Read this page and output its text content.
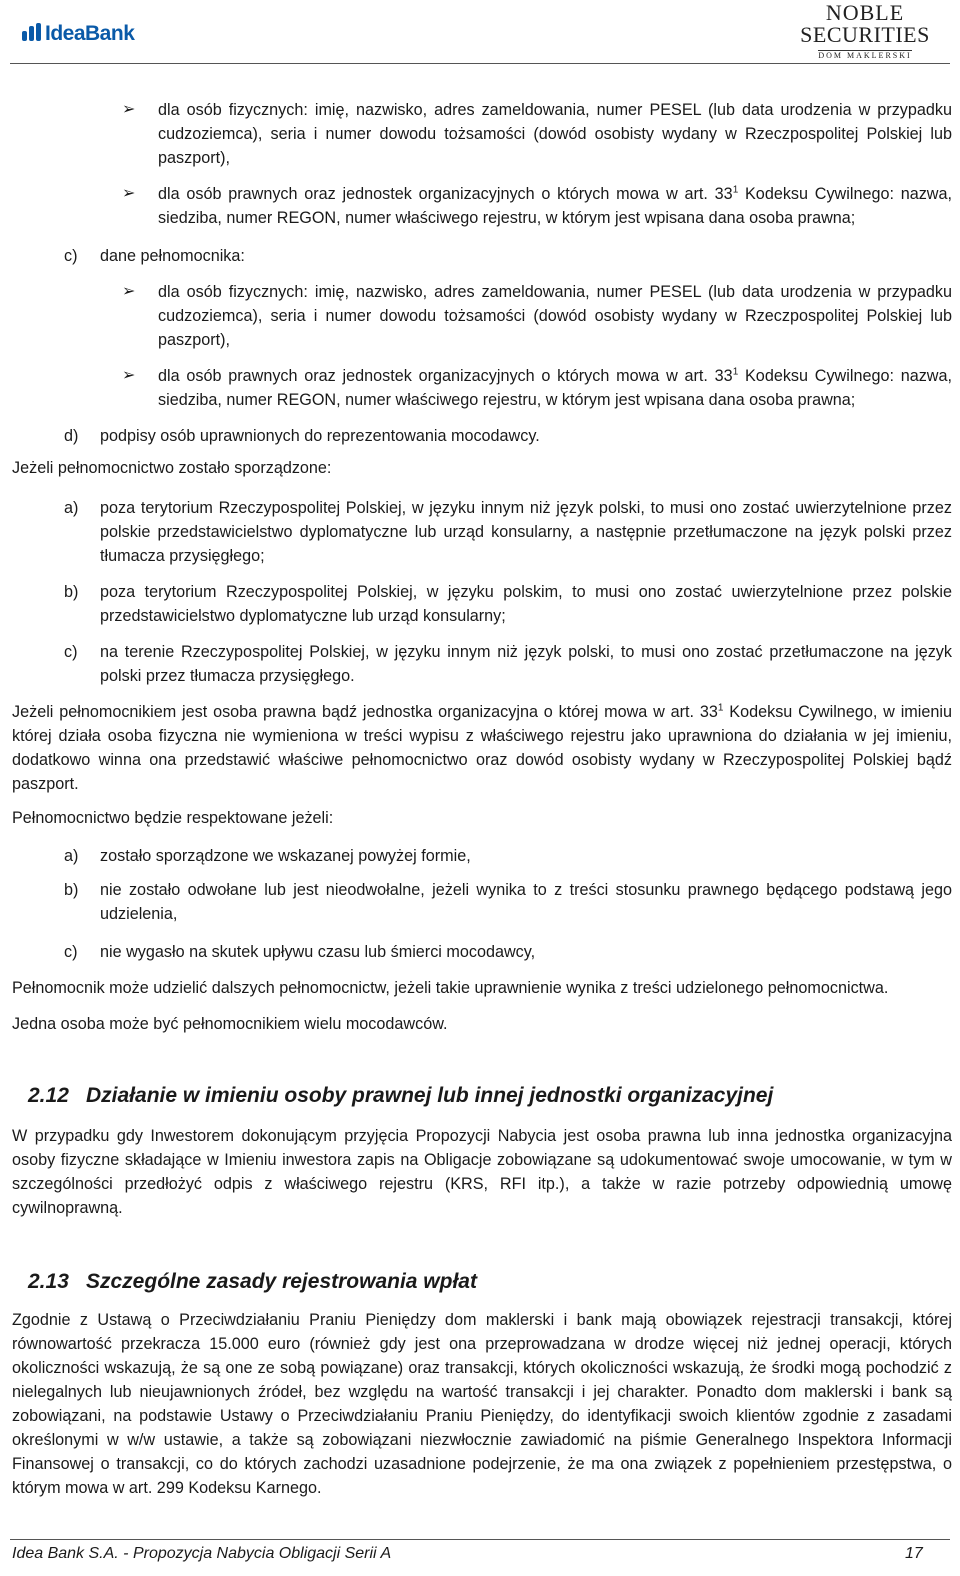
IdeaBank
NOBLE
SECURITIES
DOM MAKLERSKI
➢ dla osób fizycznych: imię, nazwisko, adres zameldowania, numer PESEL (lub data urodzenia w przypadku cudzoziemca), seria i numer dowodu tożsamości (dowód osobisty wydany w Rzeczpospolitej Polskiej lub paszport),
➢ dla osób prawnych oraz jednostek organizacyjnych o których mowa w art. $33^1$ Kodeksu Cywilnego: nazwa, siedziba, numer REGON, numer właściwego rejestru, w którym jest wpisana dana osoba prawna;
c) dane pełnomocnika:
➢ dla osób fizycznych: imię, nazwisko, adres zameldowania, numer PESEL (lub data urodzenia w przypadku cudzoziemca), seria i numer dowodu tożsamości (dowód osobisty wydany w Rzeczpospolitej Polskiej lub paszport),
➢ dla osób prawnych oraz jednostek organizacyjnych o których mowa w art. $33^1$ Kodeksu Cywilnego: nazwa, siedziba, numer REGON, numer właściwego rejestru, w którym jest wpisana dana osoba prawna;
d) podpisy osób uprawnionych do reprezentowania mocodawcy.
Jeżeli pełnomocnictwo zostało sporządzone:
a) poza terytorium Rzeczypospolitej Polskiej, w języku innym niż język polski, to musi ono zostać uwierzytelnione przez polskie przedstawicielstwo dyplomatyczne lub urząd konsularny, a następnie przetłumaczone na język polski przez tłumacza przysięgłego;
b) poza terytorium Rzeczypospolitej Polskiej, w języku polskim, to musi ono zostać uwierzytelnione przez polskie przedstawicielstwo dyplomatyczne lub urząd konsularny;
c) na terenie Rzeczypospolitej Polskiej, w języku innym niż język polski, to musi ono zostać przetłumaczone na język polski przez tłumacza przysięgłego.
Jeżeli pełnomocnikiem jest osoba prawna bądź jednostka organizacyjna o której mowa w art. $33^1$ Kodeksu Cywilnego, w imieniu której działa osoba fizyczna nie wymieniona w treści wypisu z właściwego rejestru jako uprawniona do działania w jej imieniu, dodatkowo winna ona przedstawić właściwe pełnomocnictwo oraz dowód osobisty wydany w Rzeczypospolitej Polskiej bądź paszport.
Pełnomocnictwo będzie respektowane jeżeli:
a) zostało sporządzone we wskazanej powyżej formie,
b) nie zostało odwołane lub jest nieodwołalne, jeżeli wynika to z treści stosunku prawnego będącego podstawą jego udzielenia,
c) nie wygasło na skutek upływu czasu lub śmierci mocodawcy,
Pełnomocnik może udzielić dalszych pełnomocnictw, jeżeli takie uprawnienie wynika z treści udzielonego pełnomocnictwa.
Jedna osoba może być pełnomocnikiem wielu mocodawców.
2.12 Działanie w imieniu osoby prawnej lub innej jednostki organizacyjnej
W przypadku gdy Inwestorem dokonującym przyjęcia Propozycji Nabycia jest osoba prawna lub inna jednostka organizacyjna osoby fizyczne składające w Imieniu inwestora zapis na Obligacje zobowiązane są udokumentować swoje umocowanie, w tym w szczególności przedłożyć odpis z właściwego rejestru (KRS, RFI itp.), a także w razie potrzeby odpowiednią umowę cywilnoprawną.
2.13 Szczególne zasady rejestrowania wpłat
Zgodnie z Ustawą o Przeciwdziałaniu Praniu Pieniędzy dom maklerski i bank mają obowiązek rejestracji transakcji, której równowartość przekracza 15.000 euro (również gdy jest ona przeprowadzana w drodze więcej niż jednej operacji, których okoliczności wskazują, że są one ze sobą powiązane) oraz transakcji, których okoliczności wskazują, że środki mogą pochodzić z nielegalnych lub nieujawnionych źródeł, bez względu na wartość transakcji i jej charakter. Ponadto dom maklerski i bank są zobowiązani, na podstawie Ustawy o Przeciwdziałaniu Praniu Pieniędzy, do identyfikacji swoich klientów zgodnie z zasadami określonymi w w/w ustawie, a także są zobowiązani niezwłocznie zawiadomić na piśmie Generalnego Inspektora Informacji Finansowej o transakcji, co do których zachodzi uzasadnione podejrzenie, że ma ona związek z popełnieniem przestępstwa, o którym mowa w art. 299 Kodeksu Karnego.
Idea Bank S.A. - Propozycja Nabycia Obligacji Serii A	17
